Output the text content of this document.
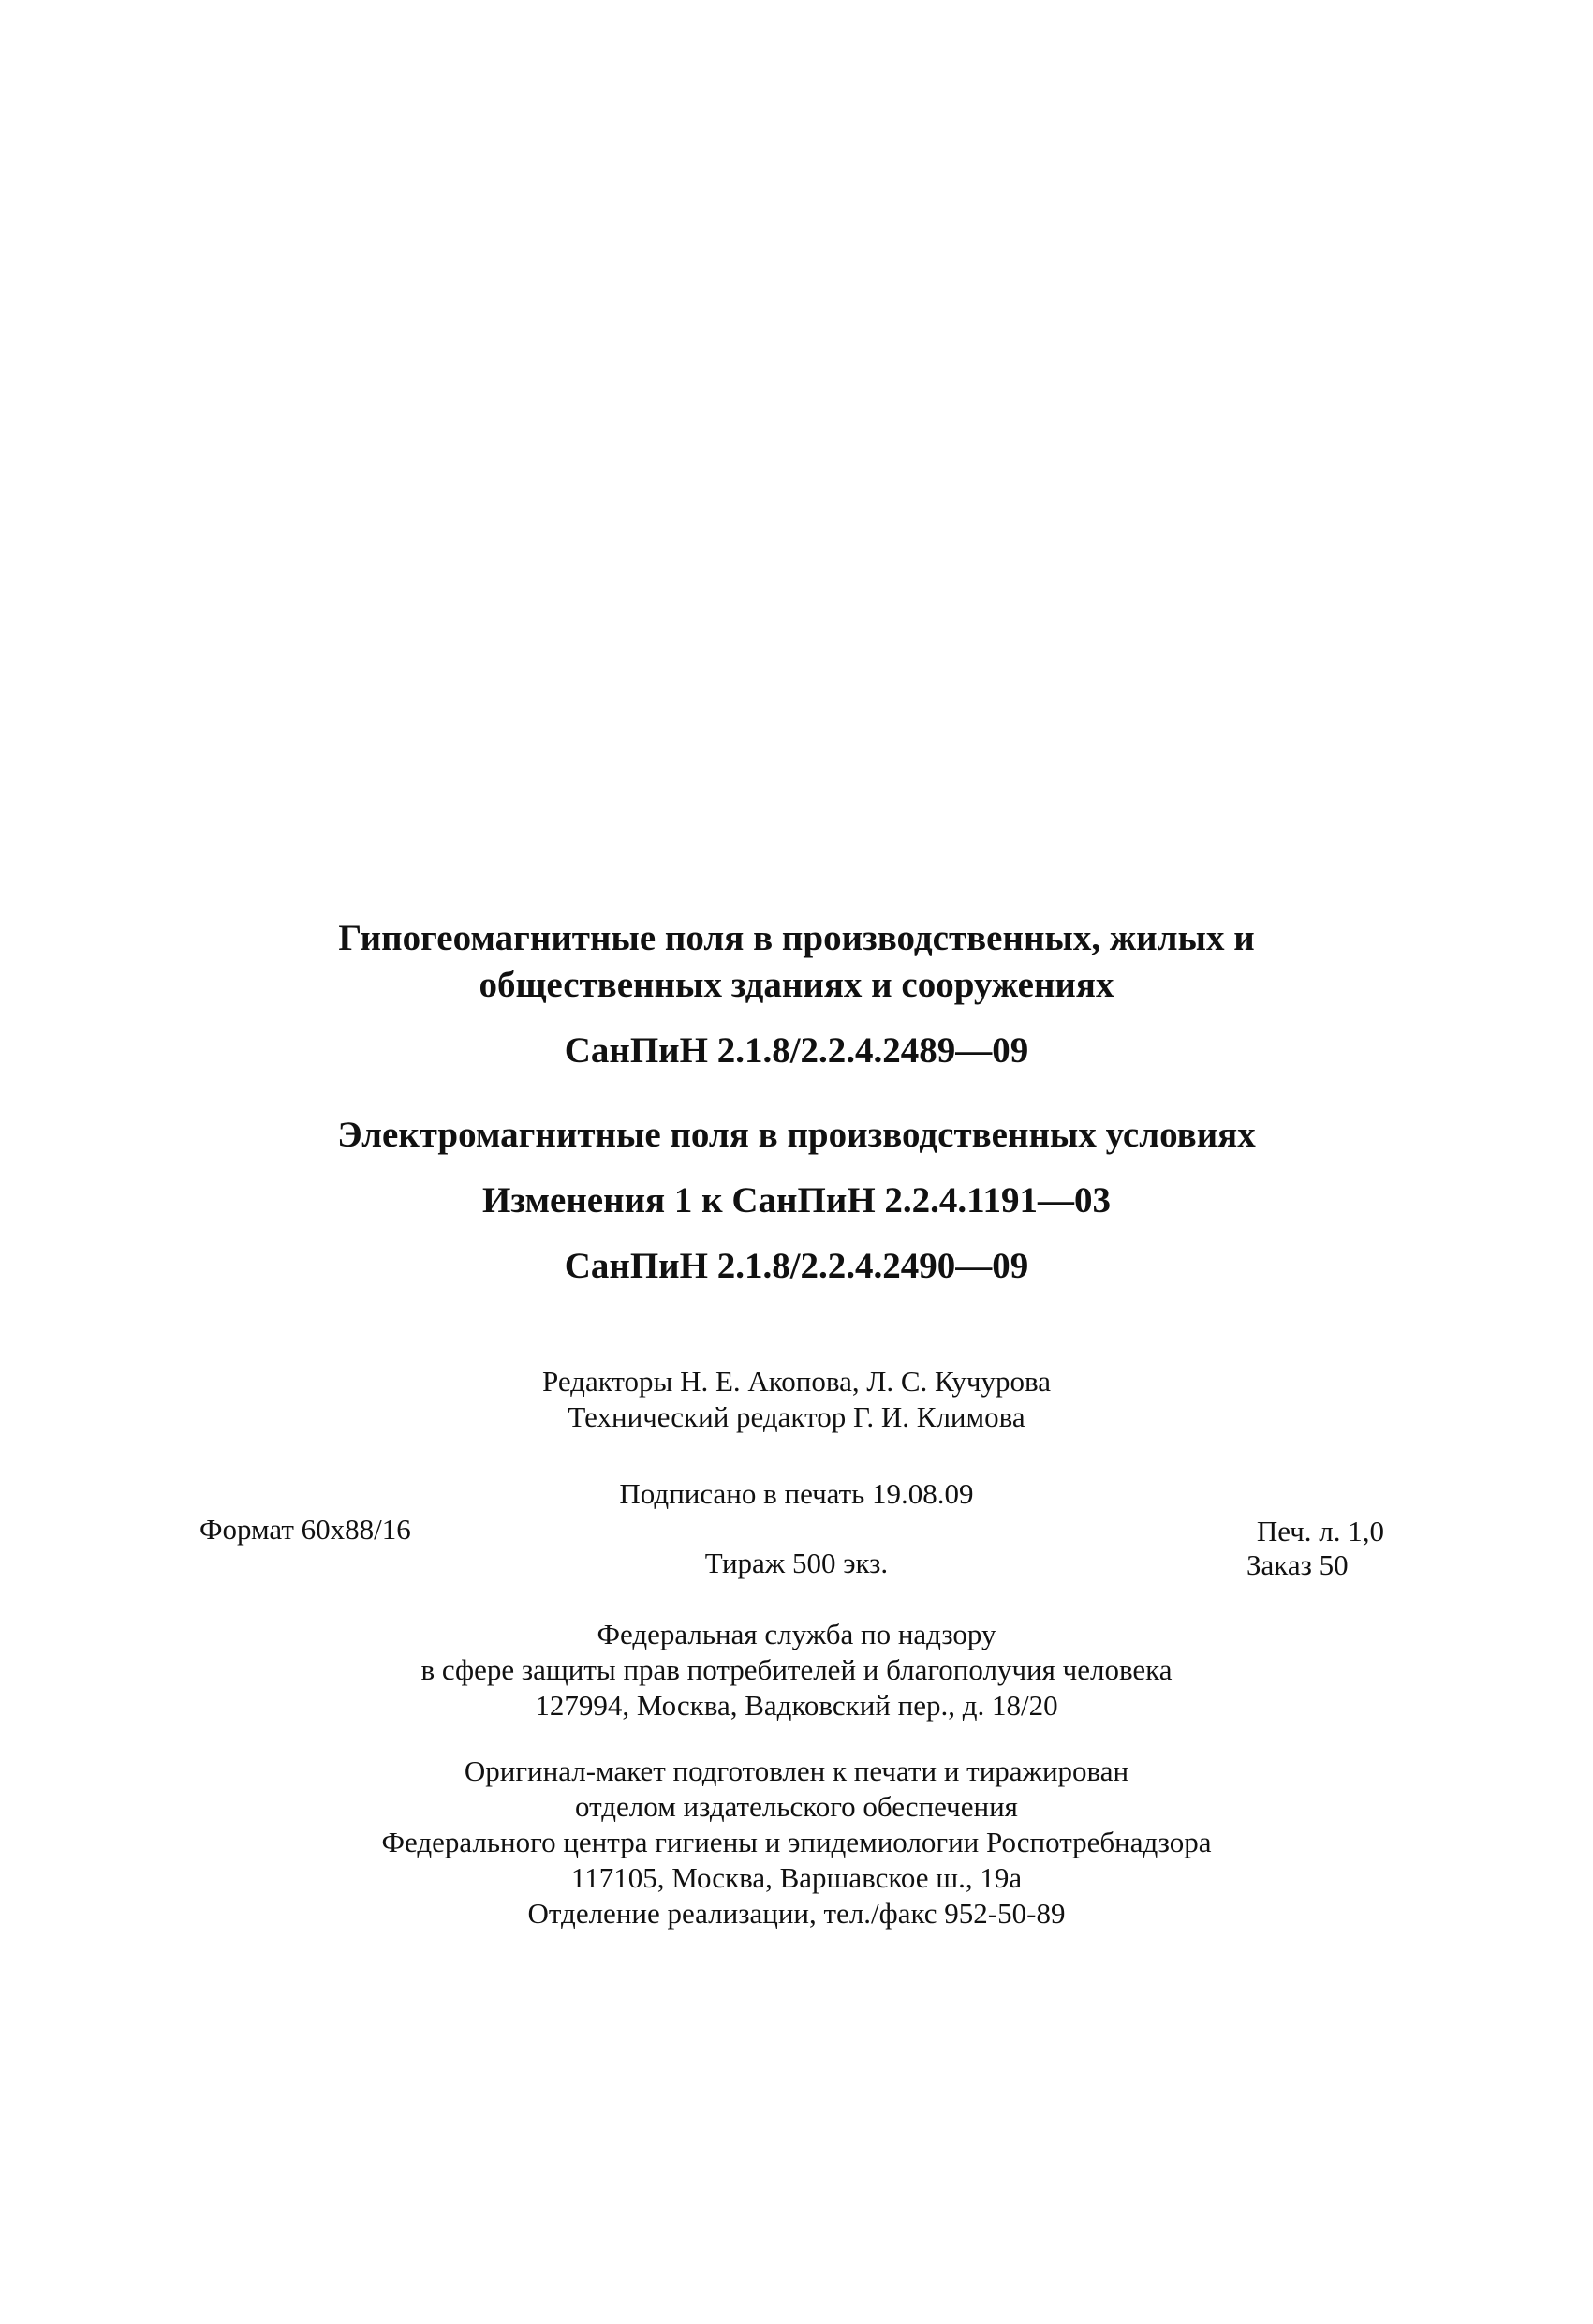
Гипогеомагнитные поля в производственных, жилых и
общественных зданиях и сооружениях
СанПиН 2.1.8/2.2.4.2489—09
Электромагнитные поля в производственных условиях
Изменения 1 к СанПиН 2.2.4.1191—03
СанПиН 2.1.8/2.2.4.2490—09
Редакторы Н. Е. Акопова, Л. С. Кучурова
Технический редактор Г. И. Климова
Подписано в печать 19.08.09
Формат 60x88/16	Печ. л. 1,0
Тираж 500 экз.	Заказ 50
Федеральная служба по надзору
в сфере защиты прав потребителей и благополучия человека
127994, Москва, Вадковский пер., д. 18/20
Оригинал-макет подготовлен к печати и тиражирован
отделом издательского обеспечения
Федерального центра гигиены и эпидемиологии Роспотребнадзора
117105, Москва, Варшавское ш., 19а
Отделение реализации, тел./факс 952-50-89
